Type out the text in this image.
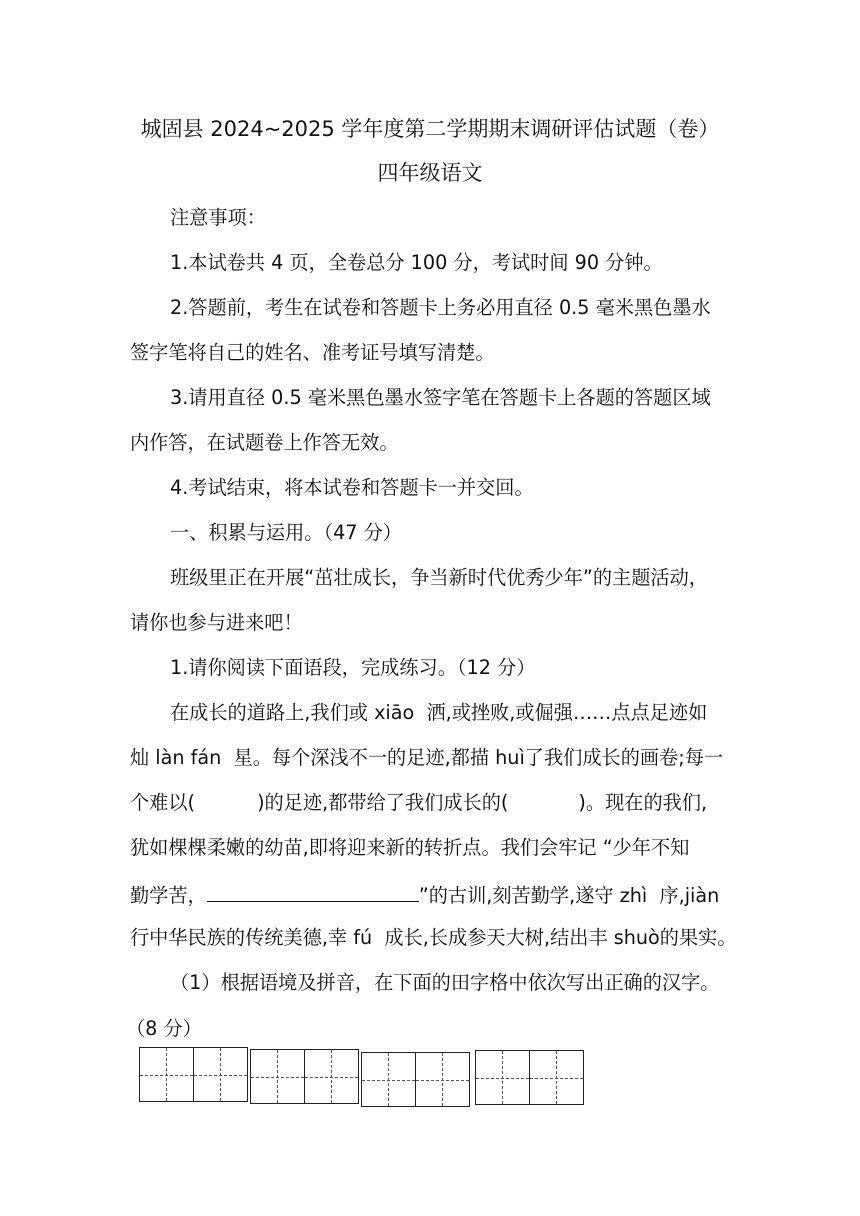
城固县 2024~2025 学年度第二学期期末调研评估试题（卷）
四年级语文
注意事项：
1.本试卷共 4 页，全卷总分 100 分，考试时间 90 分钟。
2.答题前，考生在试卷和答题卡上务必用直径 0.5 毫米黑色墨水
签字笔将自己的姓名、准考证号填写清楚。
3.请用直径 0.5 毫米黑色墨水签字笔在答题卡上各题的答题区域
内作答，在试题卷上作答无效。
4.考试结束，将本试卷和答题卡一并交回。
一、积累与运用。（47 分）
班级里正在开展“茁壮成长，争当新时代优秀少年”的主题活动，
请你也参与进来吧！
1.请你阅读下面语段，完成练习。（12 分）
在成长的道路上,我们或 xiāo  洒,或挫败,或倔强……点点足迹如
灿 làn fán  星。每个深浅不一的足迹,都描 huì了我们成长的画卷;每一
个难以(	)的足迹,都带给了我们成长的(	)。现在的我们,
犹如棵棵柔嫩的幼苗,即将迎来新的转折点。我们会牢记 “少年不知
勤学苦，	”的古训,刻苦勤学,遂守 zhì  序,jiàn
行中华民族的传统美德,幸 fú  成长,长成参天大树,结出丰 shuò的果实。
（1）根据语境及拼音，在下面的田字格中依次写出正确的汉字。
（8 分）
